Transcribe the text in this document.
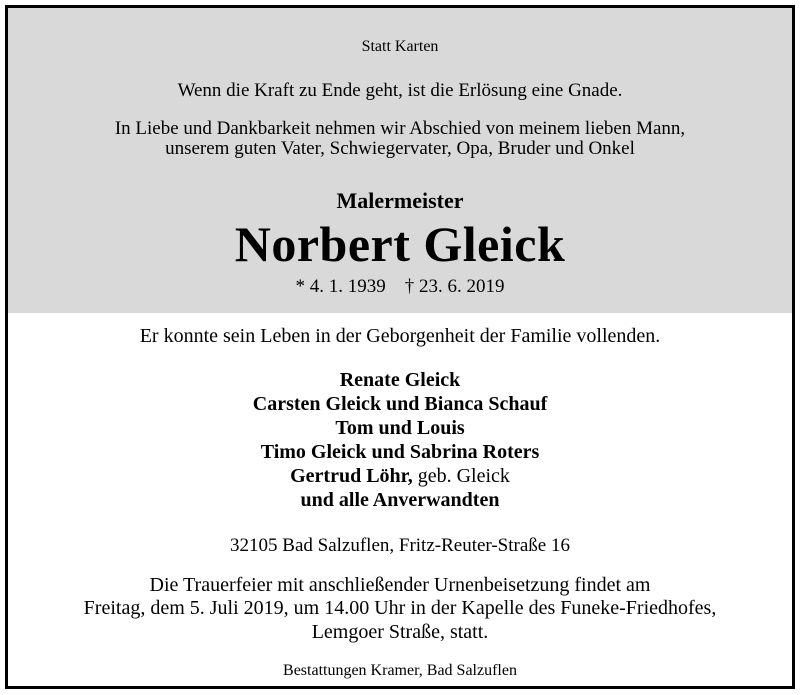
Statt Karten
Wenn die Kraft zu Ende geht, ist die Erlösung eine Gnade.
In Liebe und Dankbarkeit nehmen wir Abschied von meinem lieben Mann,
unserem guten Vater, Schwiegervater, Opa, Bruder und Onkel
Malermeister
Norbert Gleick
* 4. 1. 1939    † 23. 6. 2019
Er konnte sein Leben in der Geborgenheit der Familie vollenden.
Renate Gleick
Carsten Gleick und Bianca Schauf
Tom und Louis
Timo Gleick und Sabrina Roters
Gertrud Löhr, geb. Gleick
und alle Anverwandten
32105 Bad Salzuflen, Fritz-Reuter-Straße 16
Die Trauerfeier mit anschließender Urnenbeisetzung findet am
Freitag, dem 5. Juli 2019, um 14.00 Uhr in der Kapelle des Funeke-Friedhofes,
Lemgoer Straße, statt.
Bestattungen Kramer, Bad Salzuflen
